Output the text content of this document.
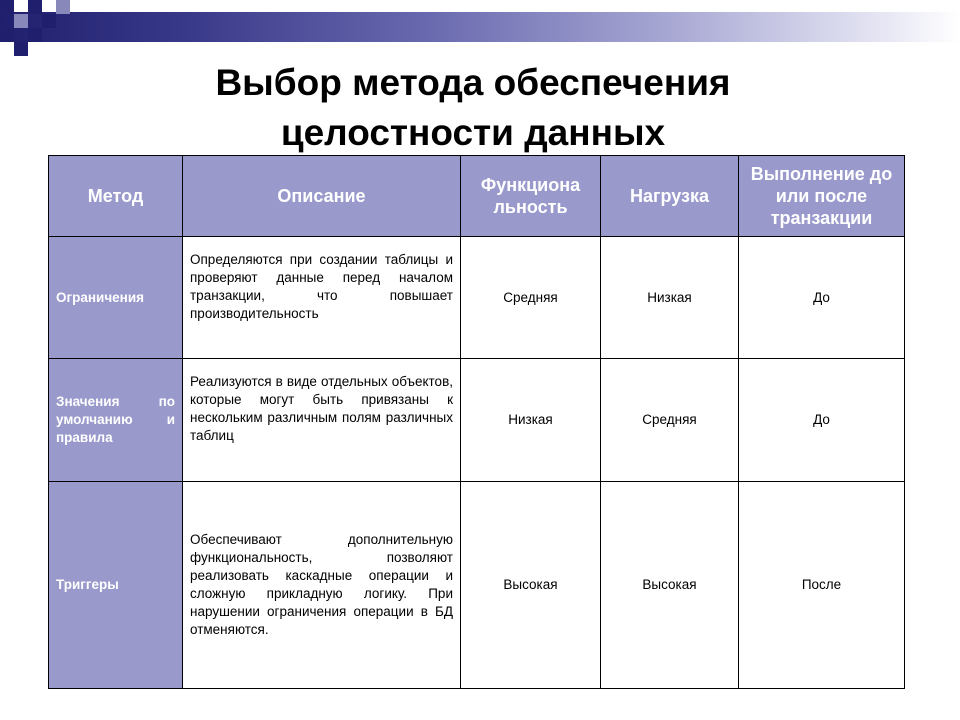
Выбор метода обеспечения
целостности данных
Метод	Описание	Функциона льность	Нагрузка	Выполнение до или после транзакции
Ограничения	Определяются при создании таблицы и проверяют данные перед началом транзакции, что повышает производительность	Средняя	Низкая	До
Значения по умолчанию и правила	Реализуются в виде отдельных объектов, которые могут быть привязаны к нескольким различным полям различных таблиц	Низкая	Средняя	До
Триггеры	Обеспечивают дополнительную функциональность, позволяют реализовать каскадные операции и сложную прикладную логику. При нарушении ограничения операции в БД отменяются.	Высокая	Высокая	После
